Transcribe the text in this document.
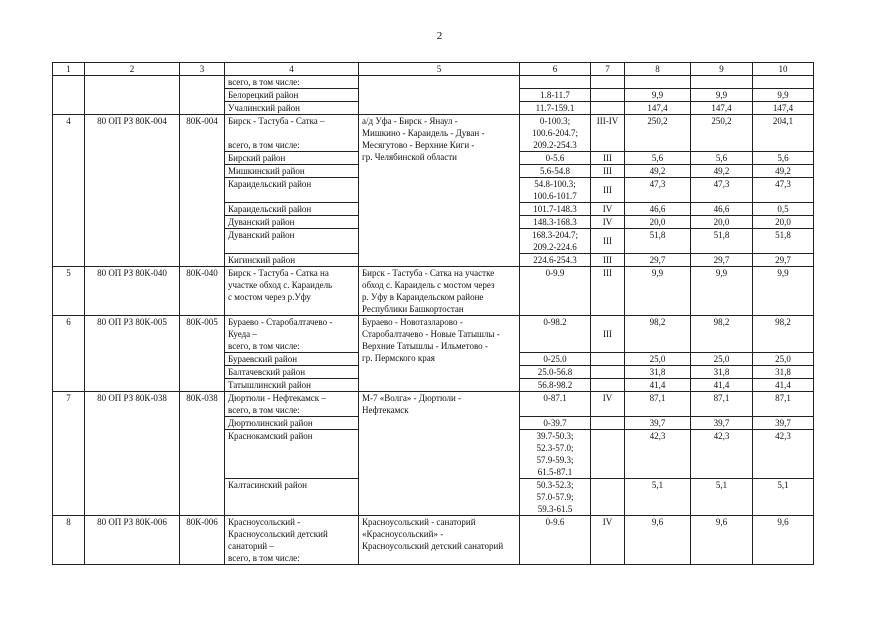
2
1	2	3	4	5	6	7	8	9	10

			всего, в том числе:						

			Белорецкий район		1.8-11.7		9,9	9,9	9,9

			Учалинский район		11.7-159.1		147,4	147,4	147,4

4	80 ОП РЗ 80К-004	80К-004	Бирск - Тастуба - Сатка –

всего, в том числе:	а/д Уфа - Бирск - Янаул -
Мишкино - Караидель - Дуван -
Месягутово - Верхние Киги -
гр. Челябинской области	0-100.3;
100.6-204.7;
209.2-254.3	III-IV	250,2	250,2	204,1

			Бирский район		0-5.6	III	5,6	5,6	5,6

			Мишкинский район		5.6-54.8	III	49,2	49,2	49,2

			Караидельский район		54.8-100.3;
100.6-101.7	III	47,3	47,3	47,3

			Караидельский район		101.7-148.3	IV	46,6	46,6	0,5

			Дуванский район		148.3-168.3	IV	20,0	20,0	20,0

			Дуванский район		168.3-204.7;
209.2-224.6	III	51,8	51,8	51,8

			Кигинский район		224.6-254.3	III	29,7	29,7	29,7

5	80 ОП РЗ 80К-040	80К-040	Бирск - Тастуба - Сатка на
участке обход с. Караидель
с мостом через р.Уфу	Бирск - Тастуба - Сатка на участке
обход с. Караидель с мостом через
р. Уфу в Караидельском районе
Республики Башкортостан	0-9.9	III	9,9	9,9	9,9

6	80 ОП РЗ 80К-005	80К-005	Бураево - Старобалтачево -
Куеда –
всего, в том числе:	Бураево - Новотазларово -
Старобалтачево - Новые Татышлы -
Верхние Татышлы - Ильметово -
гр. Пермского края	0-98.2	III	98,2	98,2	98,2

			Бураевский район		0-25.0		25,0	25,0	25,0

			Балтачевский район		25.0-56.8		31,8	31,8	31,8

			Татышлинский район		56.8-98.2		41,4	41,4	41,4

7	80 ОП РЗ 80К-038	80К-038	Дюртюли - Нефтекамск –
всего, в том числе:	М-7 «Волга» - Дюртюли -
Нефтекамск	0-87.1	IV	87,1	87,1	87,1

			Дюртюлинский район		0-39.7		39,7	39,7	39,7

			Краснокамский район		39.7-50.3;
52.3-57.0;
57.9-59.3;
61.5-87.1		42,3	42,3	42,3

			Калтасинский район		50.3-52.3;
57.0-57.9;
59.3-61.5		5,1	5,1	5,1

8	80 ОП РЗ 80К-006	80К-006	Красноусольский -
Красноусольский детский
санаторий –
всего, в том числе:	Красноусольский - санаторий
«Красноусольский» -
Красноусольский детский санаторий	0-9.6	IV	9,6	9,6	9,6
